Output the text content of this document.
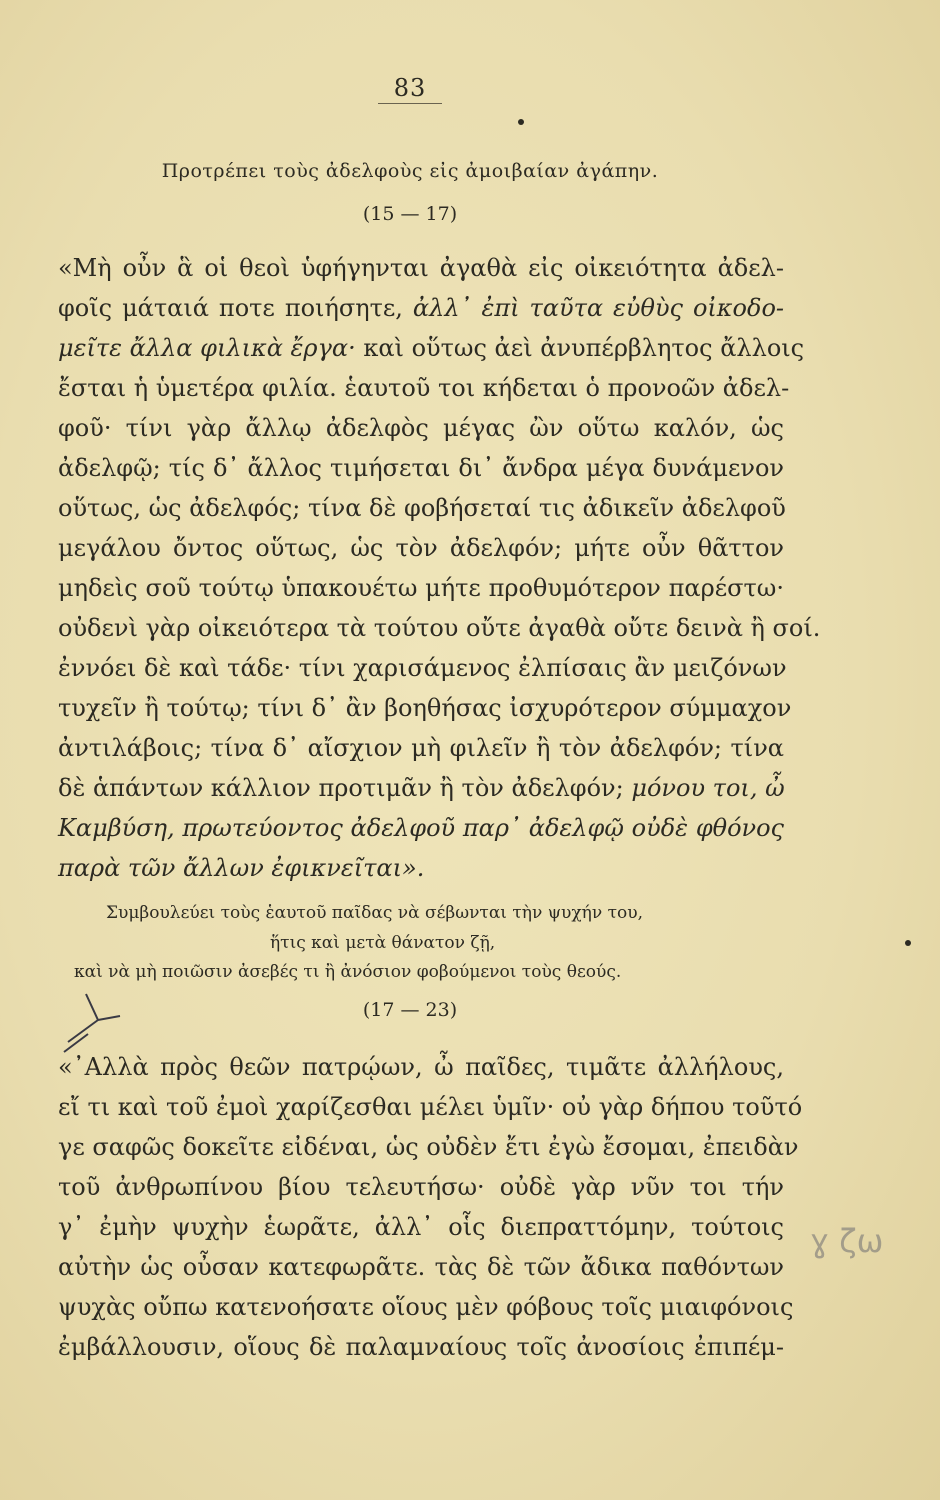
83
Προτρέπει τοὺς ἀδελφοὺς εἰς ἀμοιβαίαν ἀγάπην.
(15 — 17)
«Μὴ οὖν ἃ οἱ θεοὶ ὑφήγηνται ἀγαθὰ εἰς οἰκειότητα ἀδελ-
φοῖς μάταιά ποτε ποιήσητε, ἀλλ᾽ ἐπὶ ταῦτα εὐθὺς οἰκοδο-
μεῖτε ἄλλα φιλικὰ ἔργα· καὶ οὕτως ἀεὶ ἀνυπέρβλητος ἄλλοις
ἔσται ἡ ὑμετέρα φιλία. ἑαυτοῦ τοι κήδεται ὁ προνοῶν ἀδελ-
φοῦ· τίνι γὰρ ἄλλῳ ἀδελφὸς μέγας ὢν οὕτω καλόν, ὡς
ἀδελφῷ; τίς δ᾽ ἄλλος τιμήσεται δι᾽ ἄνδρα μέγα δυνάμενον
οὕτως, ὡς ἀδελφός; τίνα δὲ φοβήσεταί τις ἀδικεῖν ἀδελφοῦ
μεγάλου ὄντος οὕτως, ὡς τὸν ἀδελφόν; μήτε οὖν θᾶττον
μηδεὶς σοῦ τούτῳ ὑπακουέτω μήτε προθυμότερον παρέστω·
οὐδενὶ γὰρ οἰκειότερα τὰ τούτου οὔτε ἀγαθὰ οὔτε δεινὰ ἢ σοί.
ἐννόει δὲ καὶ τάδε· τίνι χαρισάμενος ἐλπίσαις ἂν μειζόνων
τυχεῖν ἢ τούτῳ; τίνι δ᾽ ἂν βοηθήσας ἰσχυρότερον σύμμαχον
ἀντιλάβοις; τίνα δ᾽ αἴσχιον μὴ φιλεῖν ἢ τὸν ἀδελφόν; τίνα
δὲ ἁπάντων κάλλιον προτιμᾶν ἢ τὸν ἀδελφόν; μόνου τοι, ὦ
Καμβύση, πρωτεύοντος ἀδελφοῦ παρ᾽ ἀδελφῷ οὐδὲ φθόνος
παρὰ τῶν ἄλλων ἐφικνεῖται».
Συμβουλεύει τοὺς ἑαυτοῦ παῖδας νὰ σέβωνται τὴν ψυχήν του,
ἥτις καὶ μετὰ θάνατον ζῇ,
καὶ νὰ μὴ ποιῶσιν ἀσεβές τι ἢ ἀνόσιον φοβούμενοι τοὺς θεούς.
(17 — 23)
«᾽Αλλὰ πρὸς θεῶν πατρῴων, ὦ παῖδες, τιμᾶτε ἀλλήλους,
εἴ τι καὶ τοῦ ἐμοὶ χαρίζεσθαι μέλει ὑμῖν· οὐ γὰρ δήπου τοῦτό
γε σαφῶς δοκεῖτε εἰδέναι, ὡς οὐδὲν ἔτι ἐγὼ ἔσομαι, ἐπειδὰν
τοῦ ἀνθρωπίνου βίου τελευτήσω· οὐδὲ γὰρ νῦν τοι τήν
γ᾽ ἐμὴν ψυχὴν ἑωρᾶτε, ἀλλ᾽ οἷς διεπραττόμην, τούτοις
αὐτὴν ὡς οὖσαν κατεφωρᾶτε. τὰς δὲ τῶν ἄδικα παθόντων
ψυχὰς οὔπω κατενοήσατε οἵους μὲν φόβους τοῖς μιαιφόνοις
ἐμβάλλουσιν, οἵους δὲ παλαμναίους τοῖς ἀνοσίοις ἐπιπέμ-
ɣ ζω
